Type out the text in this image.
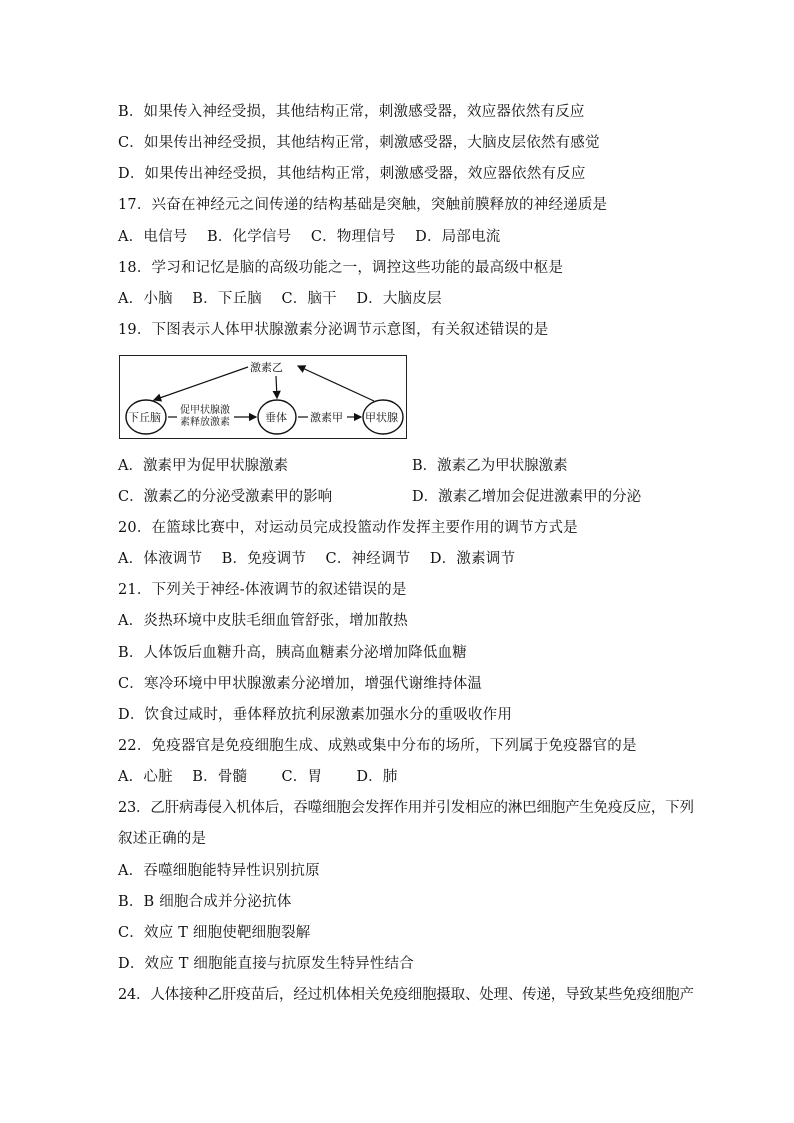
B．如果传入神经受损，其他结构正常，刺激感受器，效应器依然有反应
C．如果传出神经受损，其他结构正常，刺激感受器，大脑皮层依然有感觉
D．如果传出神经受损，其他结构正常，刺激感受器，效应器依然有反应
17．兴奋在神经元之间传递的结构基础是突触，突触前膜释放的神经递质是
A．电信号　 B．化学信号　 C．物理信号　 D．局部电流
18．学习和记忆是脑的高级功能之一，调控这些功能的最高级中枢是
A．小脑　 B．下丘脑　 C．脑干　 D．大脑皮层
19．下图表示人体甲状腺激素分泌调节示意图，有关叙述错误的是
激素乙
下丘脑	垂体	甲状腺
促甲状腺激
素释放激素	激素甲
A．激素甲为促甲状腺激素	B．激素乙为甲状腺激素
C．激素乙的分泌受激素甲的影响	D．激素乙增加会促进激素甲的分泌
20．在篮球比赛中，对运动员完成投篮动作发挥主要作用的调节方式是
A．体液调节　 B．免疫调节　 C．神经调节　 D．激素调节
21．下列关于神经-体液调节的叙述错误的是
A．炎热环境中皮肤毛细血管舒张，增加散热
B．人体饭后血糖升高，胰高血糖素分泌增加降低血糖
C．寒冷环境中甲状腺激素分泌增加，增强代谢维持体温
D．饮食过咸时，垂体释放抗利尿激素加强水分的重吸收作用
22．免疫器官是免疫细胞生成、成熟或集中分布的场所，下列属于免疫器官的是
A．心脏　 B．骨髓　　 C．胃　　 D．肺
23．乙肝病毒侵入机体后，吞噬细胞会发挥作用并引发相应的淋巴细胞产生免疫反应，下列
叙述正确的是
A．吞噬细胞能特异性识别抗原
B．B 细胞合成并分泌抗体
C．效应 T 细胞使靶细胞裂解
D．效应 T 细胞能直接与抗原发生特异性结合
24．人体接种乙肝疫苗后，经过机体相关免疫细胞摄取、处理、传递，导致某些免疫细胞产
